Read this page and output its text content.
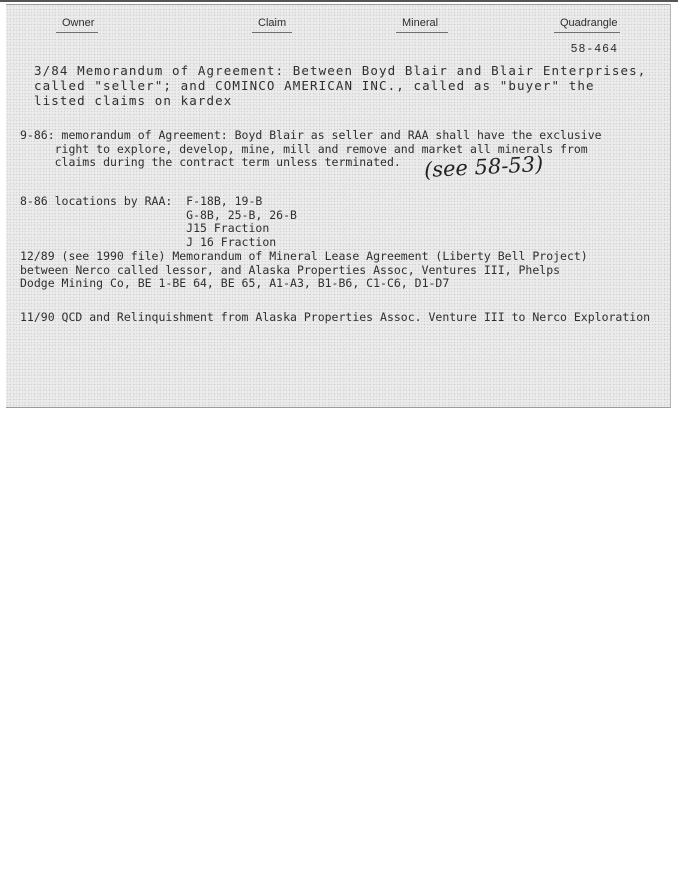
Owner	Claim	Mineral	Quadrangle
58-464
3/84 Memorandum of Agreement: Between Boyd Blair and Blair Enterprises,
called "seller"; and COMINCO AMERICAN INC., called as "buyer" the
listed claims on kardex
9-86: memorandum of Agreement: Boyd Blair as seller and RAA shall have the exclusive
right to explore, develop, mine, mill and remove and market all minerals from
claims during the contract term unless terminated.	(see 58-53)
8-86 locations by RAA:  F-18B, 19-B
G-8B, 25-B, 26-B
J15 Fraction
J 16 Fraction
12/89 (see 1990 file) Memorandum of Mineral Lease Agreement (Liberty Bell Project)
between Nerco called lessor, and Alaska Properties Assoc, Ventures III, Phelps
Dodge Mining Co, BE 1-BE 64, BE 65, A1-A3, B1-B6, C1-C6, D1-D7
11/90 QCD and Relinquishment from Alaska Properties Assoc. Venture III to Nerco Exploration
